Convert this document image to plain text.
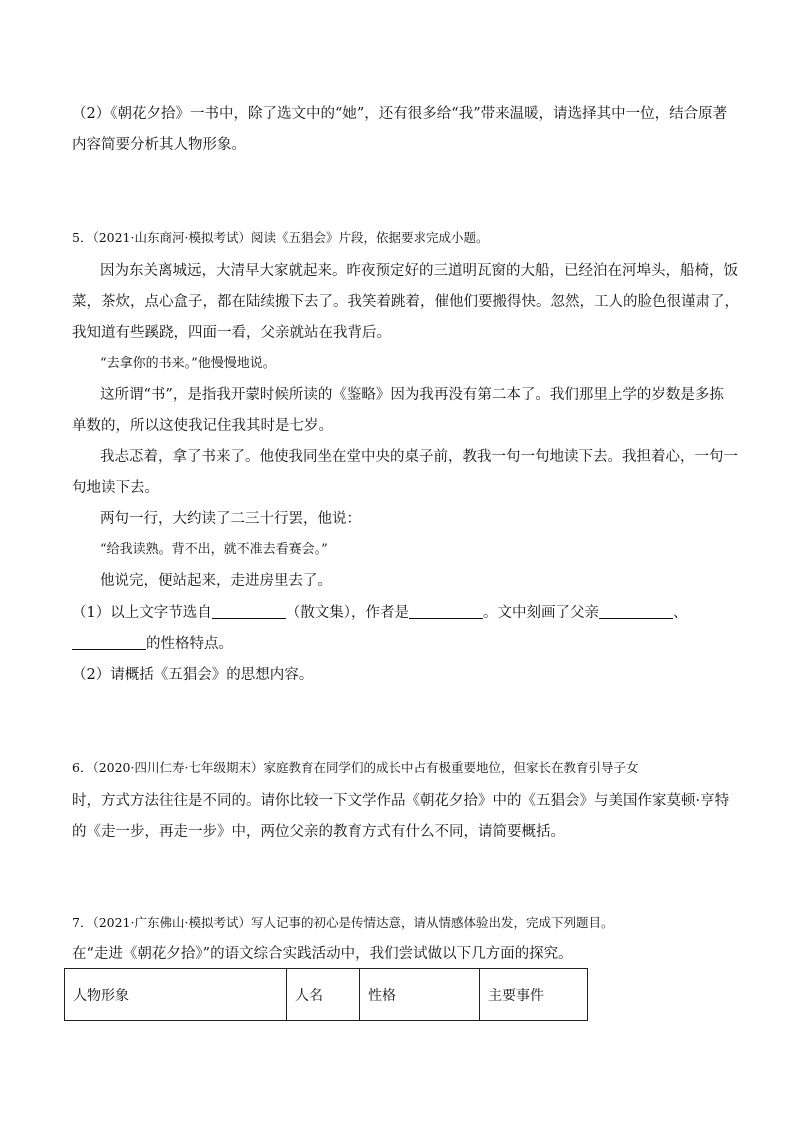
（2）《朝花夕拾》一书中，除了选文中的“她”，还有很多给“我”带来温暖，请选择其中一位，结合原著
内容简要分析其人物形象。
5．（2021·山东商河·模拟考试）阅读《五猖会》片段，依据要求完成小题。
因为东关离城远，大清早大家就起来。昨夜预定好的三道明瓦窗的大船，已经泊在河埠头，船椅，饭
菜，茶炊，点心盒子，都在陆续搬下去了。我笑着跳着，催他们要搬得快。忽然，工人的脸色很谨肃了，
我知道有些蹊跷，四面一看，父亲就站在我背后。
“去拿你的书来。”他慢慢地说。
这所谓“书”，是指我开蒙时候所读的《鉴略》因为我再没有第二本了。我们那里上学的岁数是多拣
单数的，所以这使我记住我其时是七岁。
我忐忑着，拿了书来了。他使我同坐在堂中央的桌子前，教我一句一句地读下去。我担着心，一句一
句地读下去。
两句一行，大约读了二三十行罢，他说：
“给我读熟。背不出，就不准去看赛会。”
他说完，便站起来，走进房里去了。
（1）以上文字节选自	（散文集），作者是	。文中刻画了父亲	、
的性格特点。
（2）请概括《五猖会》的思想内容。
6．（2020·四川仁寿·七年级期末）家庭教育在同学们的成长中占有极重要地位，但家长在教育引导子女
时，方式方法往往是不同的。请你比较一下文学作品《朝花夕拾》中的《五猖会》与美国作家莫顿·亨特
的《走一步，再走一步》中，两位父亲的教育方式有什么不同，请简要概括。
7．（2021·广东佛山·模拟考试）写人记事的初心是传情达意，请从情感体验出发，完成下列题目。
在“走进《朝花夕拾》”的语文综合实践活动中，我们尝试做以下几方面的探究。
人物形象	人名	性格	主要事件
